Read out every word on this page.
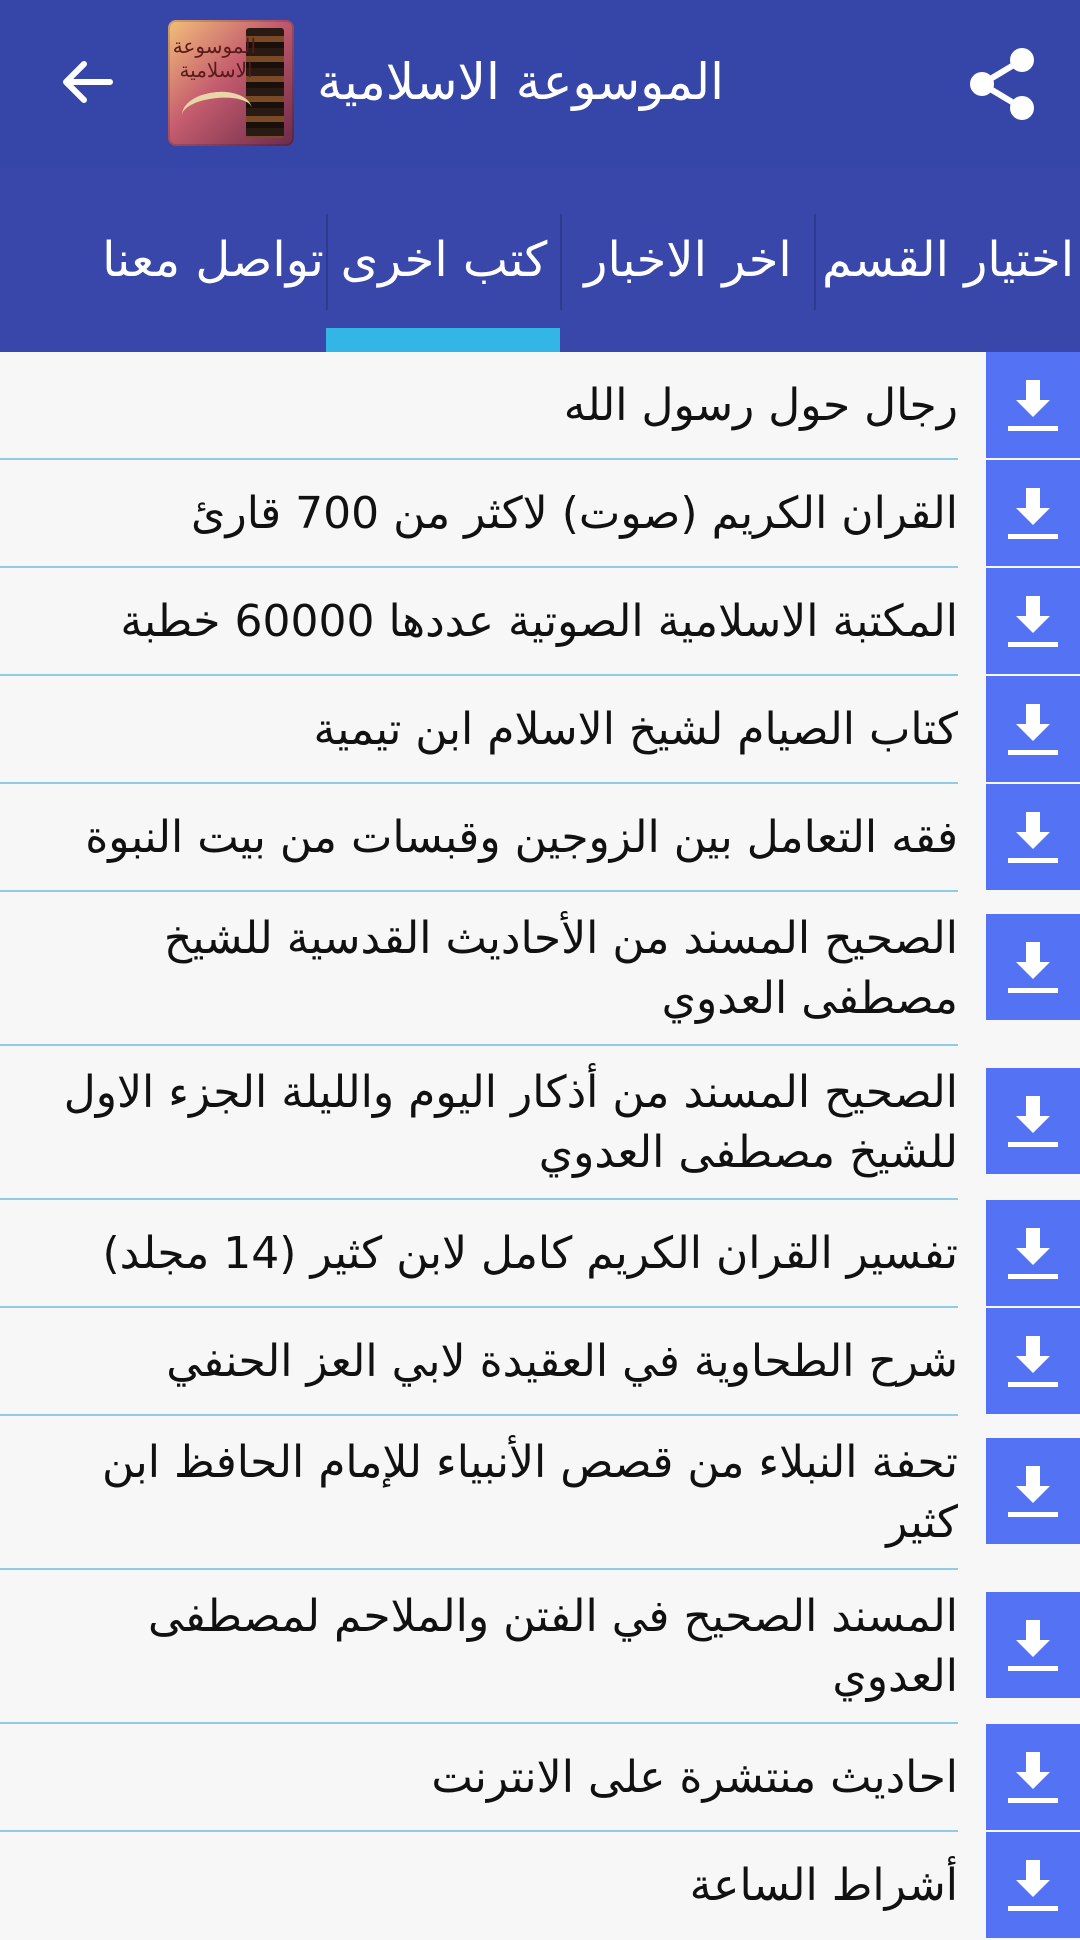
الموسوعة الاسلامية الموسوعة الاسلامية
اختيار القسم
اخر الاخبار
كتب اخرى
تواصل معنا
رجال حول رسول الله
القران الكريم (صوت) لاكثر من 700 قارئ
المكتبة الاسلامية الصوتية عددها 60000 خطبة
كتاب الصيام لشيخ الاسلام ابن تيمية
فقه التعامل بين الزوجين وقبسات من بيت النبوة
الصحيح المسند من الأحاديث القدسية للشيخ مصطفى العدوي
الصحيح المسند من أذكار اليوم والليلة الجزء الاول للشيخ مصطفى العدوي
تفسير القران الكريم كامل لابن كثير (14 مجلد)
شرح الطحاوية في العقيدة لابي العز الحنفي
تحفة النبلاء من قصص الأنبياء للإمام الحافظ ابن كثير
المسند الصحيح في الفتن والملاحم لمصطفى العدوي
احاديث منتشرة على الانترنت
أشراط الساعة
